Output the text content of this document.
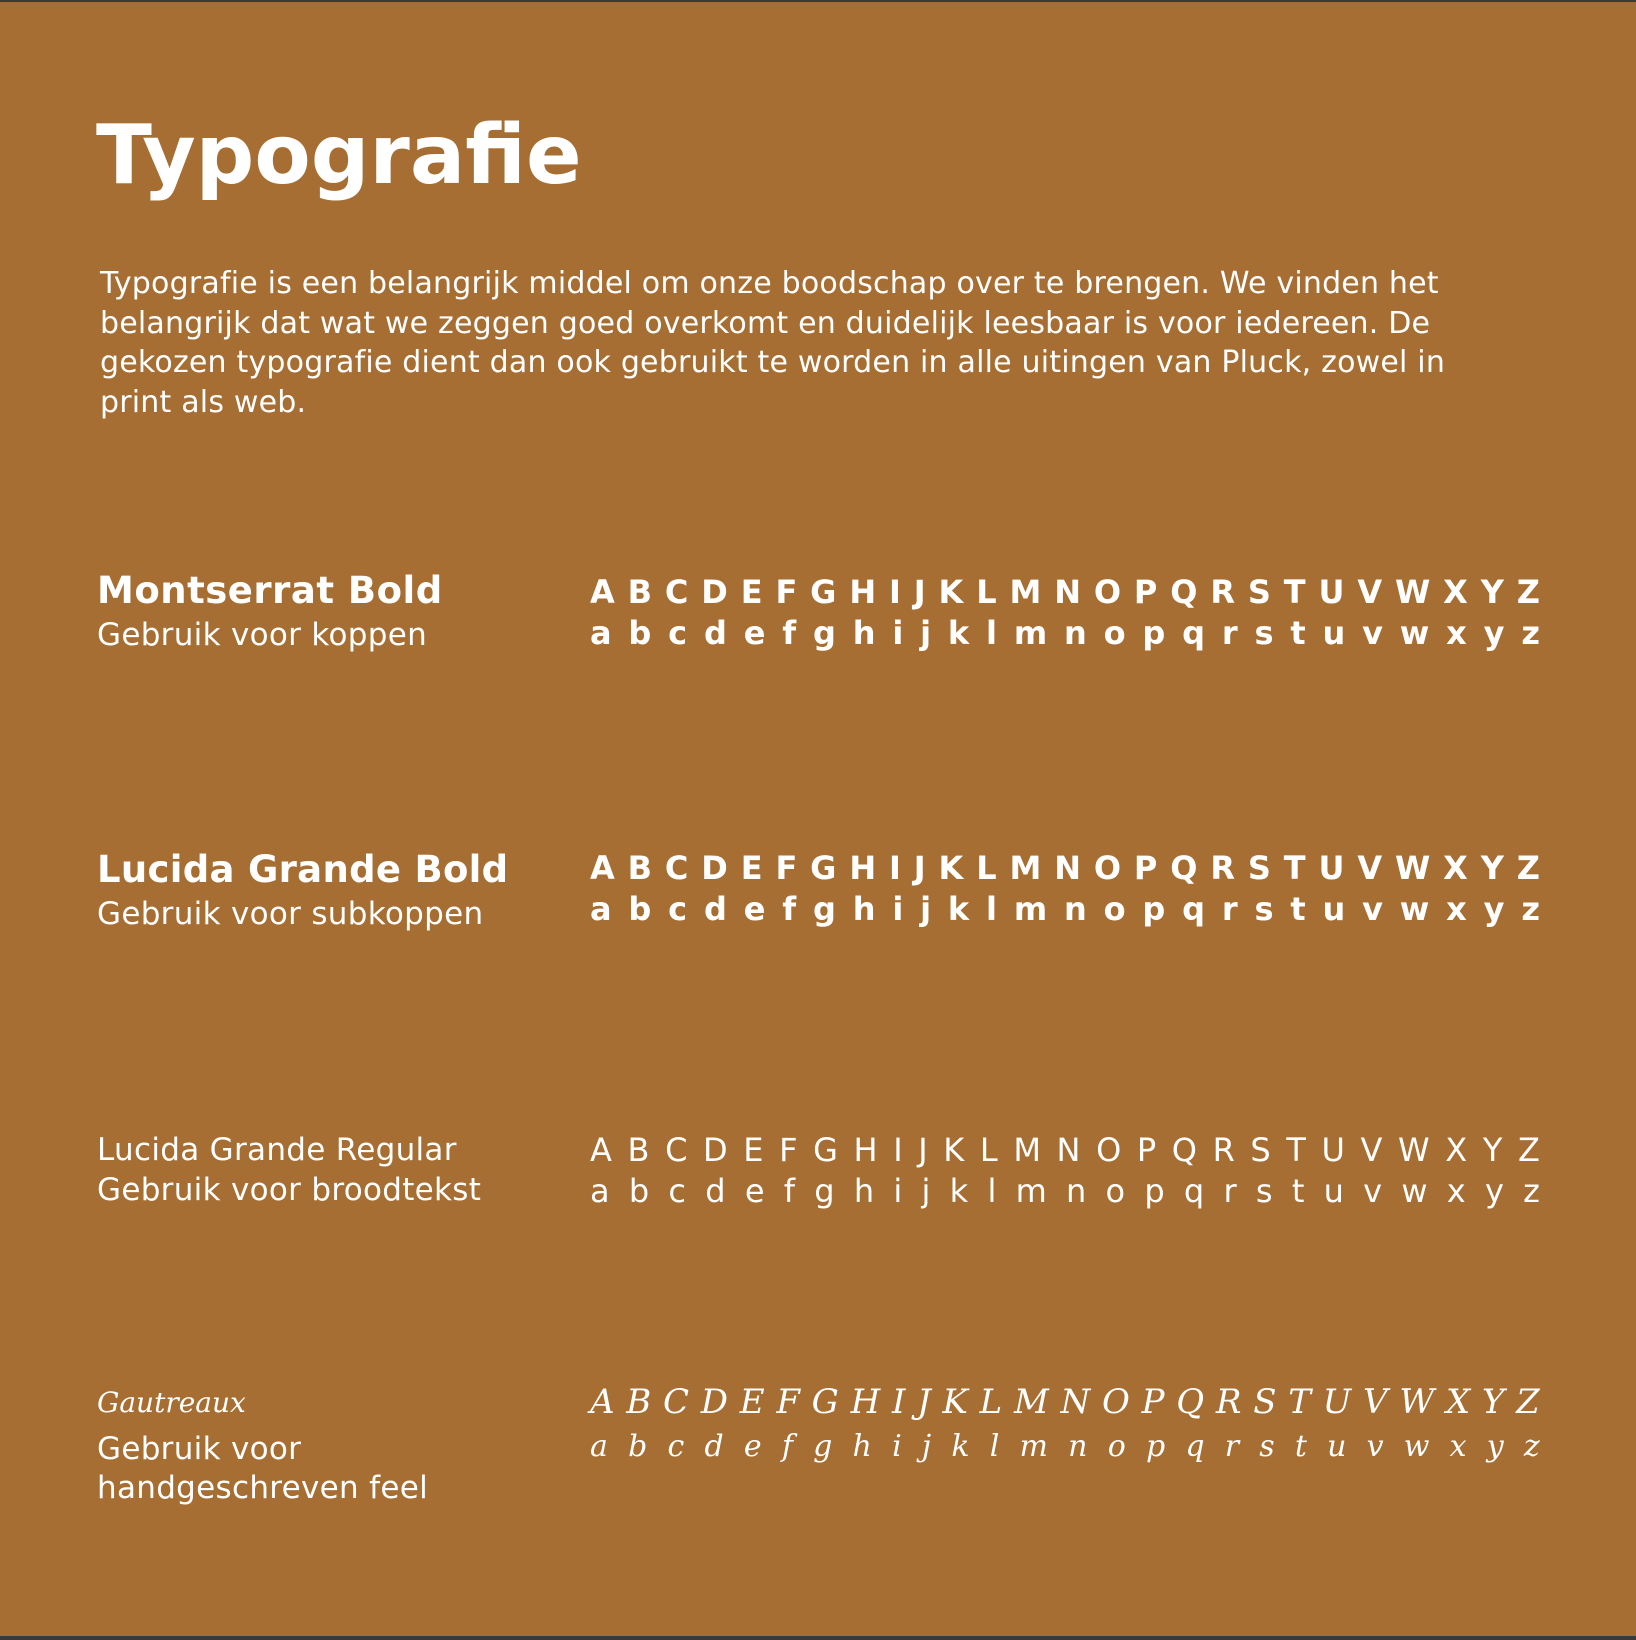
Typografie

Typografie is een belangrijk middel om onze boodschap over te brengen. We vinden het
belangrijk dat wat we zeggen goed overkomt en duidelijk leesbaar is voor iedereen. De
gekozen typografie dient dan ook gebruikt te worden in alle uitingen van Pluck, zowel in
print als web.

Montserrat Bold
Gebruik voor koppen
A B C D E F G H I J K L M N O P Q R S T U V W X Y Z
a b c d e f g h i j k l m n o p q r s t u v w x y z
Lucida Grande Bold
Gebruik voor subkoppen
A B C D E F G H I J K L M N O P Q R S T U V W X Y Z
a b c d e f g h i j k l m n o p q r s t u v w x y z
Lucida Grande Regular
Gebruik voor broodtekst
A B C D E F G H I J K L M N O P Q R S T U V W X Y Z
a b c d e f g h i j k l m n o p q r s t u v w x y z
Gautreaux
Gebruik voor
handgeschreven feel
A B C D E F G H I J K L M N O P Q R S T U V W X Y Z
a b c d e f g h i j k l m n o p q r s t u v w x y z
